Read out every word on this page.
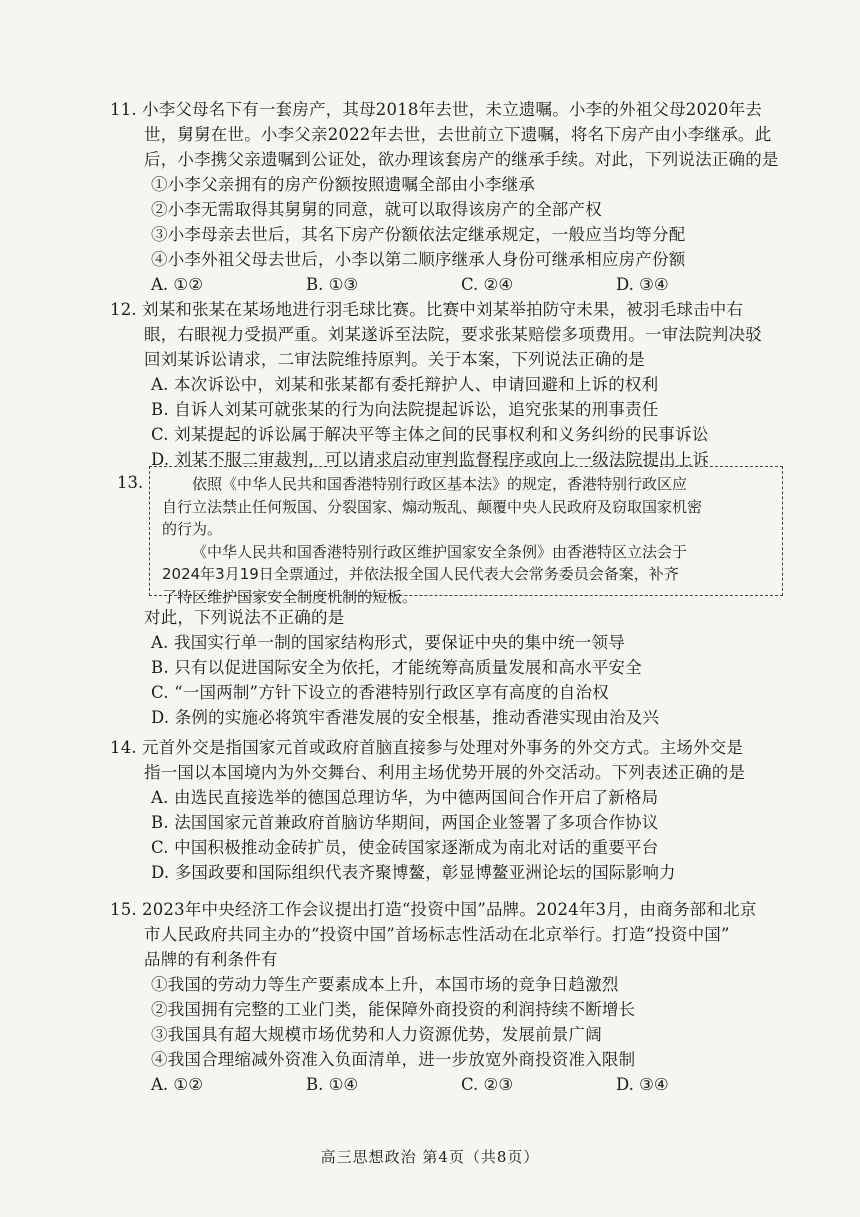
11. 小李父母名下有一套房产，其母2018年去世，未立遗嘱。小李的外祖父母2020年去
世，舅舅在世。小李父亲2022年去世，去世前立下遗嘱，将名下房产由小李继承。此
后，小李携父亲遗嘱到公证处，欲办理该套房产的继承手续。对此，下列说法正确的是
①小李父亲拥有的房产份额按照遗嘱全部由小李继承
②小李无需取得其舅舅的同意，就可以取得该房产的全部产权
③小李母亲去世后，其名下房产份额依法定继承规定，一般应当均等分配
④小李外祖父母去世后，小李以第二顺序继承人身份可继承相应房产份额
A. ①②	B. ①③	C. ②④	D. ③④
12. 刘某和张某在某场地进行羽毛球比赛。比赛中刘某举拍防守未果，被羽毛球击中右
眼，右眼视力受损严重。刘某遂诉至法院，要求张某赔偿多项费用。一审法院判决驳
回刘某诉讼请求，二审法院维持原判。关于本案，下列说法正确的是
A. 本次诉讼中，刘某和张某都有委托辩护人、申请回避和上诉的权利
B. 自诉人刘某可就张某的行为向法院提起诉讼，追究张某的刑事责任
C. 刘某提起的诉讼属于解决平等主体之间的民事权利和义务纠纷的民事诉讼
D. 刘某不服二审裁判，可以请求启动审判监督程序或向上一级法院提出上诉
13.	依照《中华人民共和国香港特别行政区基本法》的规定，香港特别行政区应
自行立法禁止任何叛国、分裂国家、煽动叛乱、颠覆中央人民政府及窃取国家机密
的行为。
《中华人民共和国香港特别行政区维护国家安全条例》由香港特区立法会于
2024年3月19日全票通过，并依法报全国人民代表大会常务委员会备案，补齐
了特区维护国家安全制度机制的短板。
对此，下列说法不正确的是
A. 我国实行单一制的国家结构形式，要保证中央的集中统一领导
B. 只有以促进国际安全为依托，才能统筹高质量发展和高水平安全
C. “一国两制”方针下设立的香港特别行政区享有高度的自治权
D. 条例的实施必将筑牢香港发展的安全根基，推动香港实现由治及兴
14. 元首外交是指国家元首或政府首脑直接参与处理对外事务的外交方式。主场外交是
指一国以本国境内为外交舞台、利用主场优势开展的外交活动。下列表述正确的是
A. 由选民直接选举的德国总理访华，为中德两国间合作开启了新格局
B. 法国国家元首兼政府首脑访华期间，两国企业签署了多项合作协议
C. 中国积极推动金砖扩员，使金砖国家逐渐成为南北对话的重要平台
D. 多国政要和国际组织代表齐聚博鳌，彰显博鳌亚洲论坛的国际影响力
15. 2023年中央经济工作会议提出打造“投资中国”品牌。2024年3月，由商务部和北京
市人民政府共同主办的“投资中国”首场标志性活动在北京举行。打造“投资中国”
品牌的有利条件有
①我国的劳动力等生产要素成本上升，本国市场的竞争日趋激烈
②我国拥有完整的工业门类，能保障外商投资的利润持续不断增长
③我国具有超大规模市场优势和人力资源优势，发展前景广阔
④我国合理缩减外资准入负面清单，进一步放宽外商投资准入限制
A. ①②	B. ①④	C. ②③	D. ③④
高三思想政治 第4页（共8页）
